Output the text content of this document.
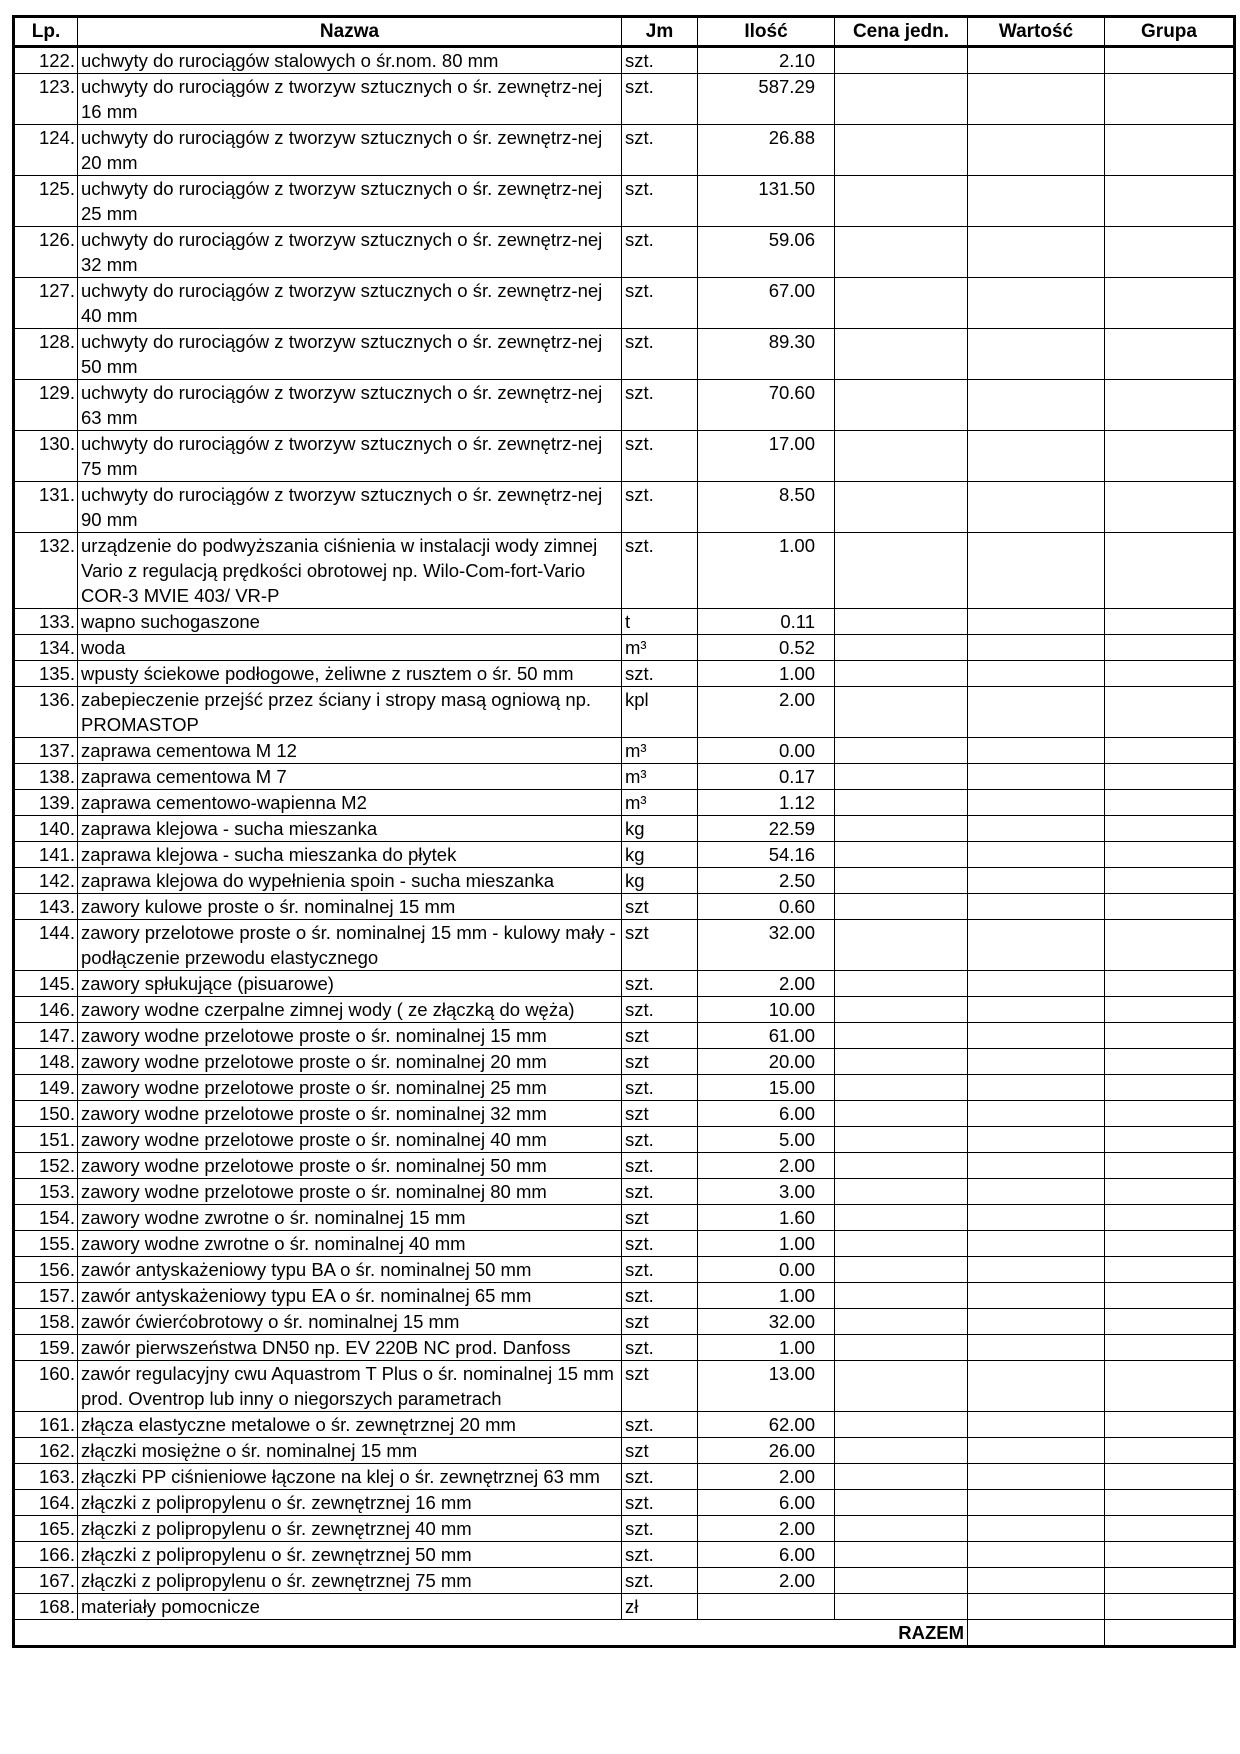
Lp.	Nazwa	Jm	Ilość	Cena jedn.	Wartość	Grupa
122.	uchwyty do rurociągów stalowych o śr.nom. 80 mm	szt.	2.10			
123.	uchwyty do rurociągów z tworzyw sztucznych o śr. zewnętrz-nej 16 mm	szt.	587.29			
124.	uchwyty do rurociągów z tworzyw sztucznych o śr. zewnętrz-nej 20 mm	szt.	26.88			
125.	uchwyty do rurociągów z tworzyw sztucznych o śr. zewnętrz-nej 25 mm	szt.	131.50			
126.	uchwyty do rurociągów z tworzyw sztucznych o śr. zewnętrz-nej 32 mm	szt.	59.06			
127.	uchwyty do rurociągów z tworzyw sztucznych o śr. zewnętrz-nej 40 mm	szt.	67.00			
128.	uchwyty do rurociągów z tworzyw sztucznych o śr. zewnętrz-nej 50 mm	szt.	89.30			
129.	uchwyty do rurociągów z tworzyw sztucznych o śr. zewnętrz-nej 63 mm	szt.	70.60			
130.	uchwyty do rurociągów z tworzyw sztucznych o śr. zewnętrz-nej 75 mm	szt.	17.00			
131.	uchwyty do rurociągów z tworzyw sztucznych o śr. zewnętrz-nej 90 mm	szt.	8.50			
132.	urządzenie do podwyższania ciśnienia w instalacji wody zimnej Vario z regulacją prędkości obrotowej np. Wilo-Com-fort-Vario COR-3 MVIE 403/ VR-P	szt.	1.00			
133.	wapno suchogaszone	t	0.11			
134.	woda	m³	0.52			
135.	wpusty ściekowe podłogowe, żeliwne z rusztem o śr. 50 mm	szt.	1.00			
136.	zabepieczenie przejść przez ściany i stropy masą ogniową np. PROMASTOP	kpl	2.00			
137.	zaprawa cementowa M 12	m³	0.00			
138.	zaprawa cementowa M 7	m³	0.17			
139.	zaprawa cementowo-wapienna M2	m³	1.12			
140.	zaprawa klejowa - sucha mieszanka	kg	22.59			
141.	zaprawa klejowa - sucha mieszanka do płytek	kg	54.16			
142.	zaprawa klejowa do wypełnienia spoin - sucha mieszanka	kg	2.50			
143.	zawory kulowe proste o śr. nominalnej 15 mm	szt	0.60			
144.	zawory przelotowe proste o śr. nominalnej 15 mm - kulowy mały - podłączenie przewodu elastycznego	szt	32.00			
145.	zawory spłukujące (pisuarowe)	szt.	2.00			
146.	zawory wodne czerpalne zimnej wody ( ze złączką do węża)	szt.	10.00			
147.	zawory wodne przelotowe proste o śr. nominalnej 15 mm	szt	61.00			
148.	zawory wodne przelotowe proste o śr. nominalnej 20 mm	szt	20.00			
149.	zawory wodne przelotowe proste o śr. nominalnej 25 mm	szt.	15.00			
150.	zawory wodne przelotowe proste o śr. nominalnej 32 mm	szt	6.00			
151.	zawory wodne przelotowe proste o śr. nominalnej 40 mm	szt.	5.00			
152.	zawory wodne przelotowe proste o śr. nominalnej 50 mm	szt.	2.00			
153.	zawory wodne przelotowe proste o śr. nominalnej 80 mm	szt.	3.00			
154.	zawory wodne zwrotne o śr. nominalnej 15 mm	szt	1.60			
155.	zawory wodne zwrotne o śr. nominalnej 40 mm	szt.	1.00			
156.	zawór antyskażeniowy typu BA o śr. nominalnej 50 mm	szt.	0.00			
157.	zawór antyskażeniowy typu EA o śr. nominalnej 65 mm	szt.	1.00			
158.	zawór ćwierćobrotowy o śr. nominalnej 15 mm	szt	32.00			
159.	zawór pierwszeństwa DN50 np. EV 220B NC prod. Danfoss	szt.	1.00			
160.	zawór regulacyjny cwu Aquastrom T Plus o śr. nominalnej 15 mm prod. Oventrop lub inny o niegorszych parametrach	szt	13.00			
161.	złącza elastyczne metalowe o śr. zewnętrznej 20 mm	szt.	62.00			
162.	złączki mosiężne o śr. nominalnej 15 mm	szt	26.00			
163.	złączki PP ciśnieniowe łączone na klej o śr. zewnętrznej 63 mm	szt.	2.00			
164.	złączki z polipropylenu o śr. zewnętrznej 16 mm	szt.	6.00			
165.	złączki z polipropylenu o śr. zewnętrznej 40 mm	szt.	2.00			
166.	złączki z polipropylenu o śr. zewnętrznej 50 mm	szt.	6.00			
167.	złączki z polipropylenu o śr. zewnętrznej 75 mm	szt.	2.00			
168.	materiały pomocnicze	zł				
RAZEM						
